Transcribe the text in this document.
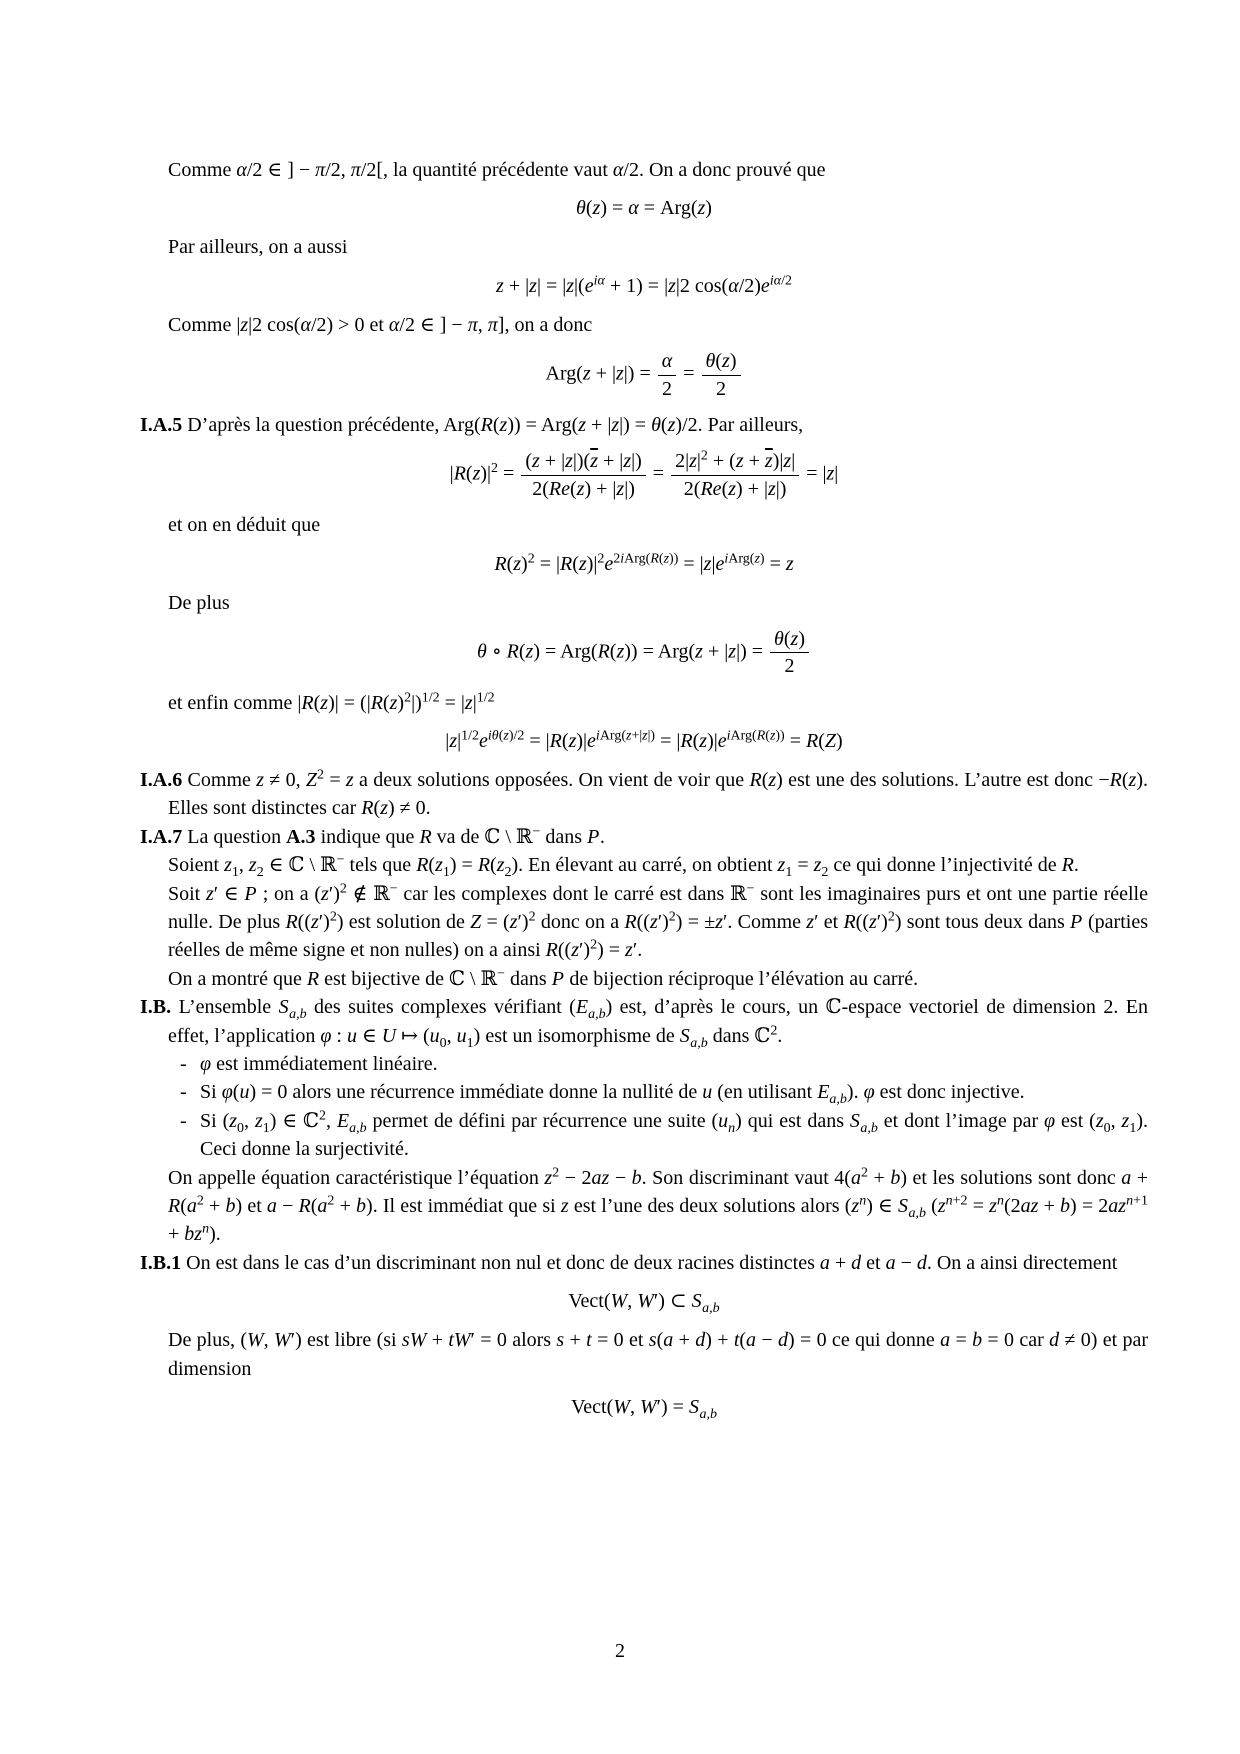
Comme α/2 ∈ ] − π/2, π/2[, la quantité précédente vaut α/2. On a donc prouvé que

θ(z) = α = Arg(z)

Par ailleurs, on a aussi

$z + |z| = |z|(e^{i\alpha} + 1) = |z|2$ $\cos(\alpha/2)e^{i\alpha/2}$

Comme |z|2 cos(α/2) > 0 et α/2 ∈ ] − π, π], on a donc

$Arg(z + |z|) = \frac{\alpha}{2} = \frac{\theta(z)}{2}$

I.A.5 D’après la question précédente, Arg(R(z)) = Arg(z + |z|) = θ(z)/2. Par ailleurs,

$|R(z)|^2 = \frac{(z + |z|)(\overline{z} + |z|)}{2(Re(z) + |z|)} = \frac{2|z|^2 + (z + \overline{z})|z|}{2(Re(z) + |z|)} = |z|$

et on en déduit que

$R(z)^2 = |R(z)|^2e^{2iArg(R(z))} = |z|e^{iArg(z)} = z$

De plus

θ ∘ $R(z) = Arg(R(z)) = Arg(z + |z|) = \frac{\theta(z)}{2}$

et enfin comme $|R(z)| = (|R(z)^2|)^{1/2} = |z|^{1/2}$

$|z|^{1/2}e^{i\theta(z)/2} = |R(z)|e^{iArg(z+|z|)} = |R(z)|e^{iArg(R(z))} = R(Z)$

I.A.6 Comme z ≠ 0, $Z^2 = z$ a deux solutions opposées. On vient de voir que R(z) est une des solutions. L’autre est donc −R(z). Elles sont distinctes car R(z) ≠ 0.

I.A.7 La question A.3 indique que R va de ℂ \ ℝ− dans P.

Soient $z_1$, $z_2$ ∈ ℂ \ ℝ− tels que $R(z_1) = R(z_2)$. En élevant au carré, on obtient $z_1 = z_2$ ce qui donne l’injectivité de R.

Soit z′ ∈ P ; on a $(z')^2$ ∉ ℝ− car les complexes dont le carré est dans ℝ− sont les imaginaires purs et ont une partie réelle nulle. De plus $R((z')^2)$ est solution de $Z = (z')^2$ donc on a $R((z')^2) = \pm z'$. Comme z′ et $R((z')^2)$ sont tous deux dans P (parties réelles de même signe et non nulles) on a ainsi $R((z')^2) = z'$.

On a montré que R est bijective de ℂ \ ℝ− dans P de bijection réciproque l’élévation au carré.

I.B. L’ensemble $S_{a,b}$ des suites complexes vérifiant $(E_{a,b})$ est, d’après le cours, un ℂ-espace vectoriel de dimension 2. En effet, l’application φ : u ∈ U ↦ ($u_0$, $u_1$) est un isomorphisme de $S_{a,b}$ dans ℂ$^2$.

- φ est immédiatement linéaire.

- Si φ(u) = 0 alors une récurrence immédiate donne la nullité de u (en utilisant $E_{a,b}$). φ est donc injective.

- Si ($z_0$, $z_1$) ∈ ℂ$^2$, $E_{a,b}$ permet de défini par récurrence une suite $(u_n)$ qui est dans $S_{a,b}$ et dont l’image par φ est ($z_0$, $z_1$). Ceci donne la surjectivité.

On appelle équation caractéristique l’équation $z^2 - 2az - b$. Son discriminant vaut $4(a^2 + b)$ et les solutions sont donc $a + R(a^2 + b)$ et $a - R(a^2 + b)$. Il est immédiat que si z est l’une des deux solutions alors $(z^n)$ ∈ $S_{a,b}$ $(z^{n+2} = z^n(2az + b) = 2az^{n+1} + bz^n)$.

I.B.1 On est dans le cas d’un discriminant non nul et donc de deux racines distinctes a + d et a − d. On a ainsi directement

Vect(W, W′) ⊂ $S_{a,b}$

De plus, (W, W′) est libre (si sW + tW′ = 0 alors s + t = 0 et s(a + d) + t(a − d) = 0 ce qui donne a = b = 0 car d ≠ 0) et par dimension

Vect(W, $W') = S_{a,b}$
2
